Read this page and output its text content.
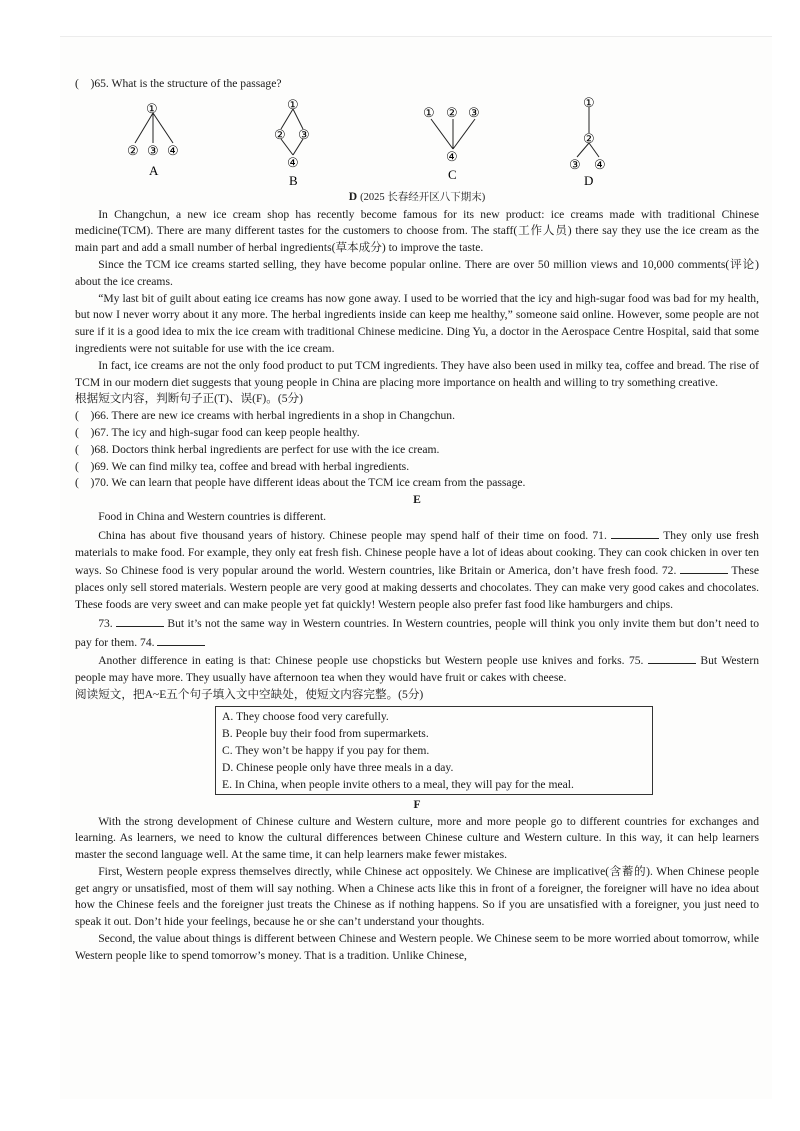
(　)65. What is the structure of the passage?
①
② ③ ④
A
①
② ③
④
B
① ② ③
④
C
①
②
③ ④
D

D (2025 长春经开区八下期末)

In Changchun, a new ice cream shop has recently become famous for its new product: ice creams made with traditional Chinese medicine(TCM). There are many different tastes for the customers to choose from. The staff(工作人员) there say they use the ice cream as the main part and add a small number of herbal ingredients(草本成分) to improve the taste.

Since the TCM ice creams started selling, they have become popular online. There are over 50 million views and 10,000 comments(评论) about the ice creams.

“My last bit of guilt about eating ice creams has now gone away. I used to be worried that the icy and high-sugar food was bad for my health, but now I never worry about it any more. The herbal ingredients inside can keep me healthy,” someone said online. However, some people are not sure if it is a good idea to mix the ice cream with traditional Chinese medicine. Ding Yu, a doctor in the Aerospace Centre Hospital, said that some ingredients were not suitable for use with the ice cream.

In fact, ice creams are not the only food product to put TCM ingredients. They have also been used in milky tea, coffee and bread. The rise of TCM in our modern diet suggests that young people in China are placing more importance on health and willing to try something creative.

根据短文内容，判断句子正(T)、误(F)。(5分)

(　)66. There are new ice creams with herbal ingredients in a shop in Changchun.

(　)67. The icy and high-sugar food can keep people healthy.

(　)68. Doctors think herbal ingredients are perfect for use with the ice cream.

(　)69. We can find milky tea, coffee and bread with herbal ingredients.

(　)70. We can learn that people have different ideas about the TCM ice cream from the passage.

E

Food in China and Western countries is different.

China has about five thousand years of history. Chinese people may spend half of their time on food. 71.	They only use fresh materials to make food. For example, they only eat fresh fish. Chinese people have a lot of ideas about cooking. They can cook chicken in over ten ways. So Chinese food is very popular around the world. Western countries, like Britain or America, don’t have fresh food. 72.	These places only sell stored materials. Western people are very good at making desserts and chocolates. They can make very good cakes and chocolates. These foods are very sweet and can make people yet fat quickly! Western people also prefer fast food like hamburgers and chips.

73.	But it’s not the same way in Western countries. In Western countries, people will think you only invite them but don’t need to pay for them. 74.

Another difference in eating is that: Chinese people use chopsticks but Western people use knives and forks. 75.	But Western people may have more. They usually have afternoon tea when they would have fruit or cakes with cheese.

阅读短文，把A~E五个句子填入文中空缺处，使短文内容完整。(5分)

A. They choose food very carefully.

B. People buy their food from supermarkets.

C. They won’t be happy if you pay for them.

D. Chinese people only have three meals in a day.

E. In China, when people invite others to a meal, they will pay for the meal.

F

With the strong development of Chinese culture and Western culture, more and more people go to different countries for exchanges and learning. As learners, we need to know the cultural differences between Chinese culture and Western culture. In this way, it can help learners master the second language well. At the same time, it can help learners make fewer mistakes.

First, Western people express themselves directly, while Chinese act oppositely. We Chinese are implicative(含蓄的). When Chinese people get angry or unsatisfied, most of them will say nothing. When a Chinese acts like this in front of a foreigner, the foreigner will have no idea about how the Chinese feels and the foreigner just treats the Chinese as if nothing happens. So if you are unsatisfied with a foreigner, you just need to speak it out. Don’t hide your feelings, because he or she can’t understand your thoughts.

Second, the value about things is different between Chinese and Western people. We Chinese seem to be more worried about tomorrow, while Western people like to spend tomorrow’s money. That is a tradition. Unlike Chinese,
